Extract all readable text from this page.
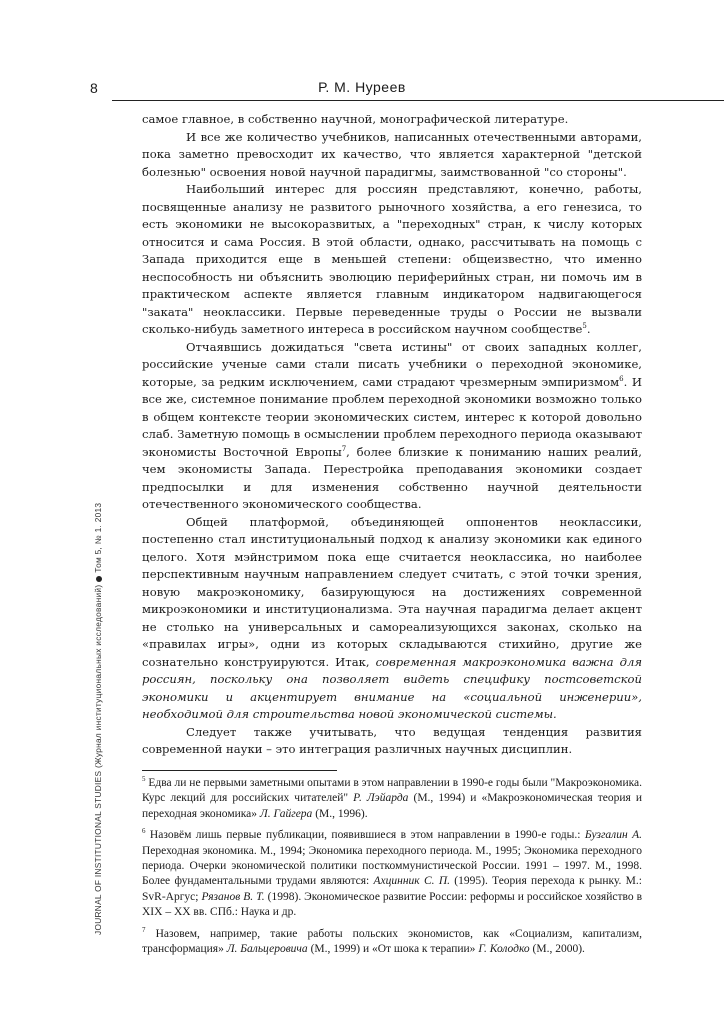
8	Р. М. Нуреев
JOURNAL OF INSTITUTIONAL STUDIES (Журнал институциональных исследований)Том 5, № 1. 2013

самое главное, в собственно научной, монографической литературе.

И все же количество учебников, написанных отечественными авторами, пока заметно превосходит их качество, что является характерной "детской болезнью" освоения новой научной парадигмы, заимствованной "со стороны".

Наибольший интерес для россиян представляют, конечно, работы, посвященные анализу не развитого рыночного хозяйства, а его генезиса, то есть экономики не высокоразвитых, а "переходных" стран, к числу которых относится и сама Россия. В этой области, однако, рассчитывать на помощь с Запада приходится еще в меньшей степени: общеизвестно, что именно неспособность ни объяснить эволюцию периферийных стран, ни помочь им в практическом аспекте является главным индикатором надвигающегося "заката" неоклассики. Первые переведенные труды о России не вызвали сколько-нибудь заметного интереса в российском научном сообществе$^5$.

Отчаявшись дожидаться "света истины" от своих западных коллег, российские ученые сами стали писать учебники о переходной экономике, которые, за редким исключением, сами страдают чрезмерным эмпиризмом$^6$. И все же, системное понимание проблем переходной экономики возможно только в общем контексте теории экономических систем, интерес к которой довольно слаб. Заметную помощь в осмыслении проблем переходного периода оказывают экономисты Восточной Европы$^7$, более близкие к пониманию наших реалий, чем экономисты Запада. Перестройка преподавания экономики создает предпосылки и для изменения собственно научной деятельности отечественного экономического сообщества.

Общей платформой, объединяющей оппонентов неоклассики, постепенно стал институциональный подход к анализу экономики как единого целого. Хотя мэйнстримом пока еще считается неоклассика, но наиболее перспективным научным направлением следует считать, с этой точки зрения, новую макроэкономику, базирующуюся на достижениях современной микроэкономики и институционализма. Эта научная парадигма делает акцент не столько на универсальных и самореализующихся законах, сколько на «правилах игры», одни из которых складываются стихийно, другие же сознательно конструируются. Итак, современная макроэкономика важна для россиян, поскольку она позволяет видеть специфику постсоветской экономики и акцентирует внимание на «социальной инженерии», необходимой для строительства новой экономической системы.

Следует также учитывать, что ведущая тенденция развития современной науки – это интеграция различных научных дисциплин.

$^5$ Едва ли не первыми заметными опытами в этом направлении в 1990-е годы были "Макроэкономика. Курс лекций для российских читателей" Р. Лэйарда (М., 1994) и «Макроэкономическая теория и переходная экономика» Л. Гайгера (М., 1996).

$^6$ Назовём лишь первые публикации, появившиеся в этом направлении в 1990-е годы.: Бузгалин А. Переходная экономика. М., 1994; Экономика переходного периода. М., 1995; Экономика переходного периода. Очерки экономической политики посткоммунистической России. 1991 – 1997. М., 1998. Более фундаментальными трудами являются: Ахцинник С. П. (1995). Теория перехода к рынку. М.: SvR-Аргус; Рязанов В. Т. (1998). Экономическое развитие России: реформы и российское хозяйство в XIX – XX вв. СПб.: Наука и др.

$^7$ Назовем, например, такие работы польских экономистов, как «Социализм, капитализм, трансформация» Л. Бальцеровича (М., 1999) и «От шока к терапии» Г. Колодко (М., 2000).
